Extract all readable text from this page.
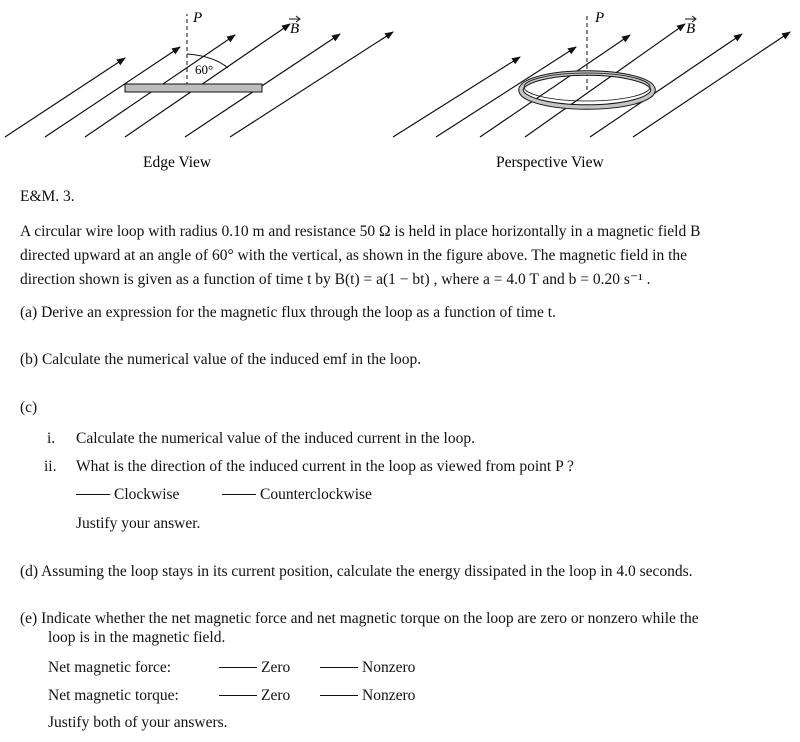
P
B
60°
P
B
Edge View	Perspective View
E&M. 3.
A circular wire loop with radius 0.10 m and resistance 50 Ω is held in place horizontally in a magnetic field B
directed upward at an angle of 60° with the vertical, as shown in the figure above. The magnetic field in the
direction shown is given as a function of time t by B(t) = a(1 − bt) , where a = 4.0 T and b = 0.20 s⁻¹ .
(a) Derive an expression for the magnetic flux through the loop as a function of time t.
(b) Calculate the numerical value of the induced emf in the loop.
(c)
i. Calculate the numerical value of the induced current in the loop.
ii. What is the direction of the induced current in the loop as viewed from point P ?
Clockwise	Counterclockwise
Justify your answer.
(d) Assuming the loop stays in its current position, calculate the energy dissipated in the loop in 4.0 seconds.
(e) Indicate whether the net magnetic force and net magnetic torque on the loop are zero or nonzero while the
loop is in the magnetic field.
Net magnetic force:	Zero	Nonzero
Net magnetic torque:	Zero	Nonzero
Justify both of your answers.
